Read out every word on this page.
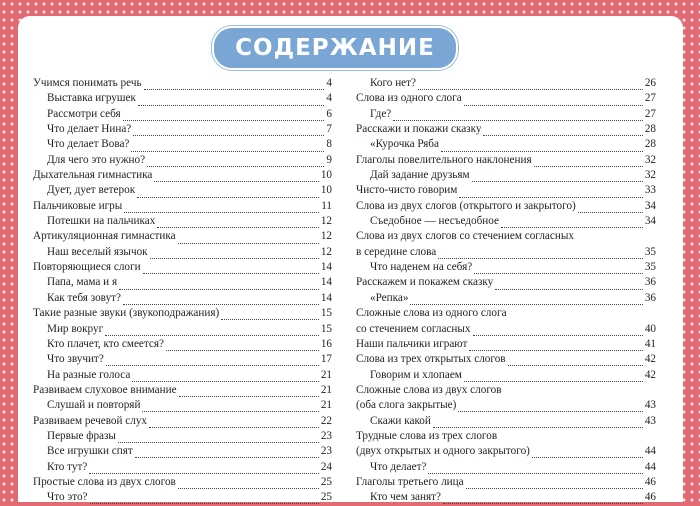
СОДЕРЖАНИЕ
Учимся понимать речь	4
Выставка игрушек	4
Рассмотри себя	6
Что делает Нина?	7
Что делает Вова?	8
Для чего это нужно?	9
Дыхательная гимнастика	10
Дует, дует ветерок	10
Пальчиковые игры	11
Потешки на пальчиках	12
Артикуляционная гимнастика	12
Наш веселый язычок	12
Повторяющиеся слоги	14
Папа, мама и я	14
Как тебя зовут?	14
Такие разные звуки (звукоподражания)	15
Мир вокруг	15
Кто плачет, кто смеется?	16
Что звучит?	17
На разные голоса	21
Развиваем слуховое внимание	21
Слушай и повторяй	21
Развиваем речевой слух	22
Первые фразы	23
Все игрушки спят	23
Кто тут?	24
Простые слова из двух слогов	25
Что это?	25
Кого нет?	26
Слова из одного слога	27
Где?	27
Расскажи и покажи сказку	28
«Курочка Ряба	28
Глаголы повелительного наклонения	32
Дай задание друзьям	32
Чисто-чисто говорим	33
Слова из двух слогов (открытого и закрытого)	34
Съедобное — несъедобное	34
Слова из двух слогов со стечением согласных
в середине слова	35
Что наденем на себя?	35
Расскажем и покажем сказку	36
«Репка»	36
Сложные слова из одного слога
со стечением согласных	40
Наши пальчики играют	41
Слова из трех открытых слогов	42
Говорим и хлопаем	42
Сложные слова из двух слогов
(оба слога закрытые)	43
Скажи какой	43
Трудные слова из трех слогов
(двух открытых и одного закрытого)	44
Что делает?	44
Глаголы третьего лица	46
Кто чем занят?	46
